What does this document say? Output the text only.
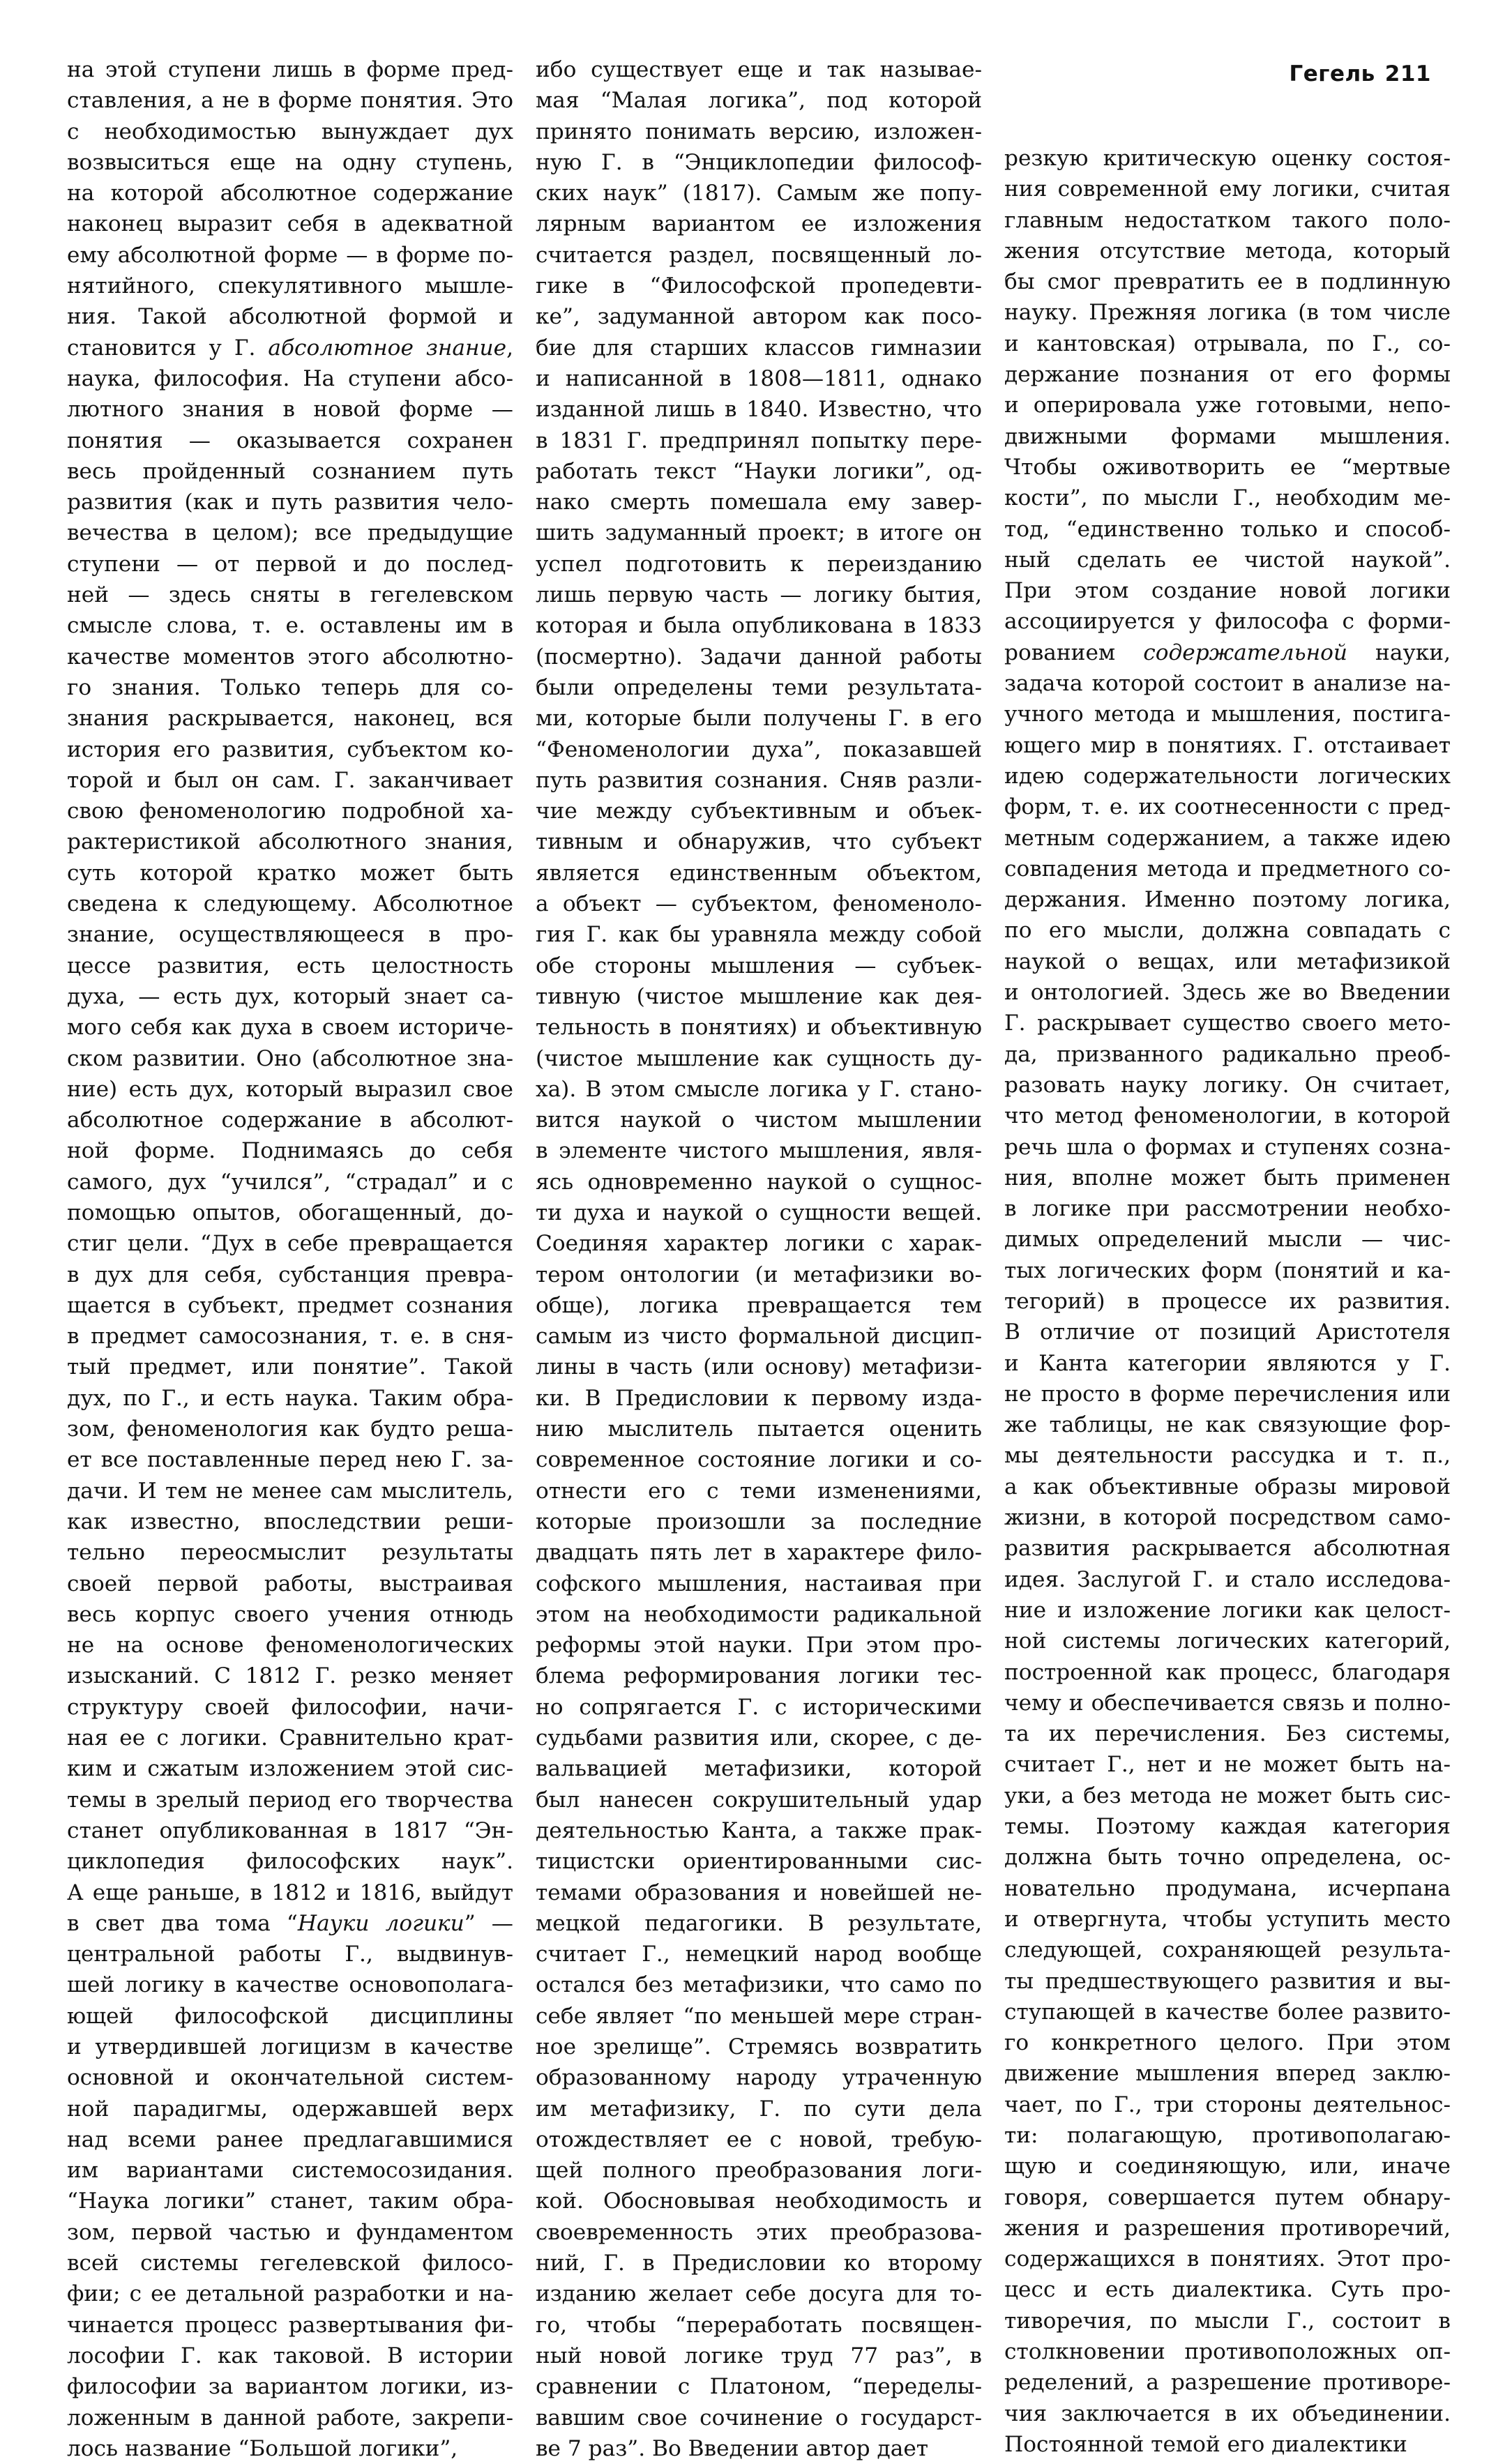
Гегель 211
на этой ступени лишь в форме пред-
ставления, а не в форме понятия. Это
с необходимостью вынуждает дух
возвыситься еще на одну ступень,
на которой абсолютное содержание
наконец выразит себя в адекватной
ему абсолютной форме — в форме по-
нятийного, спекулятивного мышле-
ния. Такой абсолютной формой и
становится у Г. абсолютное знание,
наука, философия. На ступени абсо-
лютного знания в новой форме —
понятия — оказывается сохранен
весь пройденный сознанием путь
развития (как и путь развития чело-
вечества в целом); все предыдущие
ступени — от первой и до послед-
ней — здесь сняты в гегелевском
смысле слова, т. е. оставлены им в
качестве моментов этого абсолютно-
го знания. Только теперь для со-
знания раскрывается, наконец, вся
история его развития, субъектом ко-
торой и был он сам. Г. заканчивает
свою феноменологию подробной ха-
рактеристикой абсолютного знания,
суть которой кратко может быть
сведена к следующему. Абсолютное
знание, осуществляющееся в про-
цессе развития, есть целостность
духа, — есть дух, который знает са-
мого себя как духа в своем историче-
ском развитии. Оно (абсолютное зна-
ние) есть дух, который выразил свое
абсолютное содержание в абсолют-
ной форме. Поднимаясь до себя
самого, дух “учился”, “страдал” и с
помощью опытов, обогащенный, до-
стиг цели. “Дух в себе превращается
в дух для себя, субстанция превра-
щается в субъект, предмет сознания
в предмет самосознания, т. е. в сня-
тый предмет, или понятие”. Такой
дух, по Г., и есть наука. Таким обра-
зом, феноменология как будто реша-
ет все поставленные перед нею Г. за-
дачи. И тем не менее сам мыслитель,
как известно, впоследствии реши-
тельно переосмыслит результаты
своей первой работы, выстраивая
весь корпус своего учения отнюдь
не на основе феноменологических
изысканий. С 1812 Г. резко меняет
структуру своей философии, начи-
ная ее с логики. Сравнительно крат-
ким и сжатым изложением этой сис-
темы в зрелый период его творчества
станет опубликованная в 1817 “Эн-
циклопедия философских наук”.
А еще раньше, в 1812 и 1816, выйдут
в свет два тома “Науки логики” —
центральной работы Г., выдвинув-
шей логику в качестве основополага-
ющей философской дисциплины
и утвердившей логицизм в качестве
основной и окончательной систем-
ной парадигмы, одержавшей верх
над всеми ранее предлагавшимися
им вариантами системосозидания.
“Наука логики” станет, таким обра-
зом, первой частью и фундаментом
всей системы гегелевской филосо-
фии; с ее детальной разработки и на-
чинается процесс развертывания фи-
лософии Г. как таковой. В истории
философии за вариантом логики, из-
ложенным в данной работе, закрепи-
лось название “Большой логики”,
ибо существует еще и так называе-
мая “Малая логика”, под которой
принято понимать версию, изложен-
ную Г. в “Энциклопедии философ-
ских наук” (1817). Самым же попу-
лярным вариантом ее изложения
считается раздел, посвященный ло-
гике в “Философской пропедевти-
ке”, задуманной автором как посо-
бие для старших классов гимназии
и написанной в 1808—1811, однако
изданной лишь в 1840. Известно, что
в 1831 Г. предпринял попытку пере-
работать текст “Науки логики”, од-
нако смерть помешала ему завер-
шить задуманный проект; в итоге он
успел подготовить к переизданию
лишь первую часть — логику бытия,
которая и была опубликована в 1833
(посмертно). Задачи данной работы
были определены теми результата-
ми, которые были получены Г. в его
“Феноменологии духа”, показавшей
путь развития сознания. Сняв разли-
чие между субъективным и объек-
тивным и обнаружив, что субъект
является единственным объектом,
а объект — субъектом, феноменоло-
гия Г. как бы уравняла между собой
обе стороны мышления — субъек-
тивную (чистое мышление как дея-
тельность в понятиях) и объективную
(чистое мышление как сущность ду-
ха). В этом смысле логика у Г. стано-
вится наукой о чистом мышлении
в элементе чистого мышления, явля-
ясь одновременно наукой о сущнос-
ти духа и наукой о сущности вещей.
Соединяя характер логики с харак-
тером онтологии (и метафизики во-
обще), логика превращается тем
самым из чисто формальной дисцип-
лины в часть (или основу) метафизи-
ки. В Предисловии к первому изда-
нию мыслитель пытается оценить
современное состояние логики и со-
отнести его с теми изменениями,
которые произошли за последние
двадцать пять лет в характере фило-
софского мышления, настаивая при
этом на необходимости радикальной
реформы этой науки. При этом про-
блема реформирования логики тес-
но сопрягается Г. с историческими
судьбами развития или, скорее, с де-
вальвацией метафизики, которой
был нанесен сокрушительный удар
деятельностью Канта, а также прак-
тицистски ориентированными сис-
темами образования и новейшей не-
мецкой педагогики. В результате,
считает Г., немецкий народ вообще
остался без метафизики, что само по
себе являет “по меньшей мере стран-
ное зрелище”. Стремясь возвратить
образованному народу утраченную
им метафизику, Г. по сути дела
отождествляет ее с новой, требую-
щей полного преобразования логи-
кой. Обосновывая необходимость и
своевременность этих преобразова-
ний, Г. в Предисловии ко второму
изданию желает себе досуга для то-
го, чтобы “переработать посвящен-
ный новой логике труд 77 раз”, в
сравнении с Платоном, “переделы-
вавшим свое сочинение о государст-
ве 7 раз”. Во Введении автор дает
резкую критическую оценку состоя-
ния современной ему логики, считая
главным недостатком такого поло-
жения отсутствие метода, который
бы смог превратить ее в подлинную
науку. Прежняя логика (в том числе
и кантовская) отрывала, по Г., со-
держание познания от его формы
и оперировала уже готовыми, непо-
движными формами мышления.
Чтобы оживотворить ее “мертвые
кости”, по мысли Г., необходим ме-
тод, “единственно только и способ-
ный сделать ее чистой наукой”.
При этом создание новой логики
ассоциируется у философа с форми-
рованием содержательной науки,
задача которой состоит в анализе на-
учного метода и мышления, постига-
ющего мир в понятиях. Г. отстаивает
идею содержательности логических
форм, т. е. их соотнесенности с пред-
метным содержанием, а также идею
совпадения метода и предметного со-
держания. Именно поэтому логика,
по его мысли, должна совпадать с
наукой о вещах, или метафизикой
и онтологией. Здесь же во Введении
Г. раскрывает существо своего мето-
да, призванного радикально преоб-
разовать науку логику. Он считает,
что метод феноменологии, в которой
речь шла о формах и ступенях созна-
ния, вполне может быть применен
в логике при рассмотрении необхо-
димых определений мысли — чис-
тых логических форм (понятий и ка-
тегорий) в процессе их развития.
В отличие от позиций Аристотеля
и Канта категории являются у Г.
не просто в форме перечисления или
же таблицы, не как связующие фор-
мы деятельности рассудка и т. п.,
а как объективные образы мировой
жизни, в которой посредством само-
развития раскрывается абсолютная
идея. Заслугой Г. и стало исследова-
ние и изложение логики как целост-
ной системы логических категорий,
построенной как процесс, благодаря
чему и обеспечивается связь и полно-
та их перечисления. Без системы,
считает Г., нет и не может быть на-
уки, а без метода не может быть сис-
темы. Поэтому каждая категория
должна быть точно определена, ос-
новательно продумана, исчерпана
и отвергнута, чтобы уступить место
следующей, сохраняющей результа-
ты предшествующего развития и вы-
ступающей в качестве более развито-
го конкретного целого. При этом
движение мышления вперед заклю-
чает, по Г., три стороны деятельнос-
ти: полагающую, противополагаю-
щую и соединяющую, или, иначе
говоря, совершается путем обнару-
жения и разрешения противоречий,
содержащихся в понятиях. Этот про-
цесс и есть диалектика. Суть про-
тиворечия, по мысли Г., состоит в
столкновении противоположных оп-
ределений, а разрешение противоре-
чия заключается в их объединении.
Постоянной темой его диалектики
